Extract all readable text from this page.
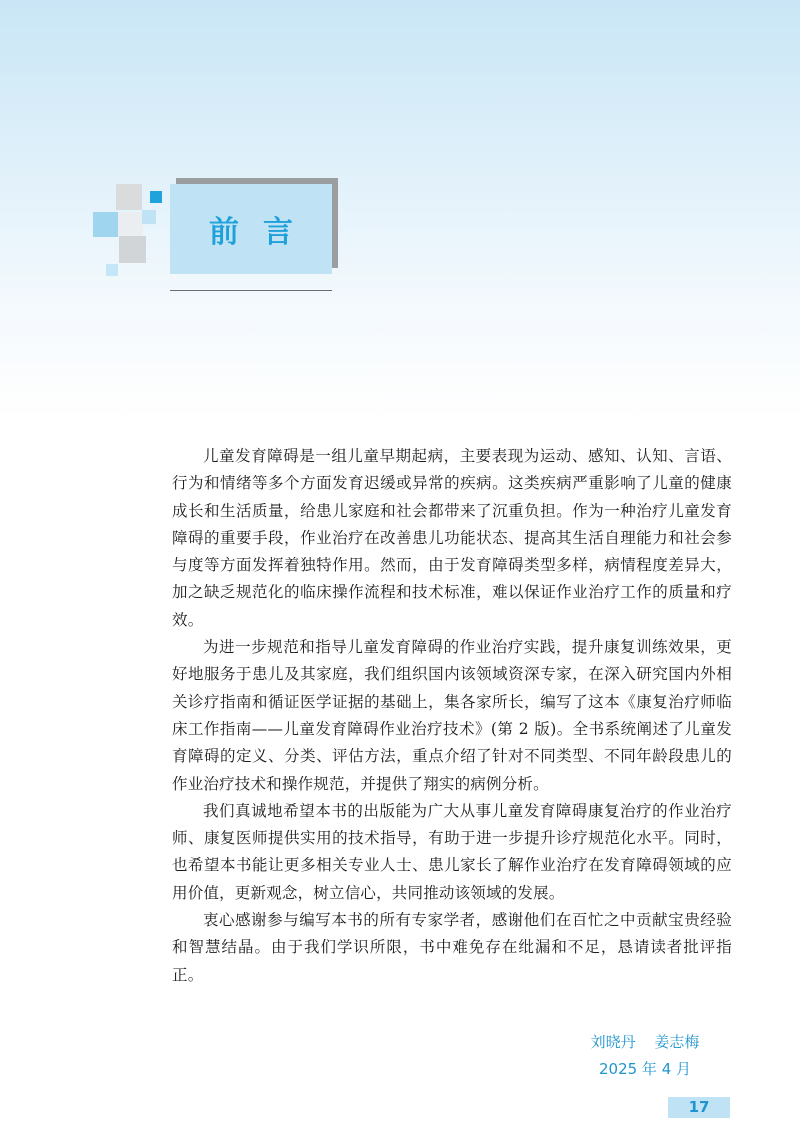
前言

儿童发育障碍是一组儿童早期起病，主要表现为运动、感知、认知、言语、行为和情绪等多个方面发育迟缓或异常的疾病。这类疾病严重影响了儿童的健康成长和生活质量，给患儿家庭和社会都带来了沉重负担。作为一种治疗儿童发育障碍的重要手段，作业治疗在改善患儿功能状态、提高其生活自理能力和社会参与度等方面发挥着独特作用。然而，由于发育障碍类型多样，病情程度差异大，加之缺乏规范化的临床操作流程和技术标准，难以保证作业治疗工作的质量和疗效。

为进一步规范和指导儿童发育障碍的作业治疗实践，提升康复训练效果，更好地服务于患儿及其家庭，我们组织国内该领域资深专家，在深入研究国内外相关诊疗指南和循证医学证据的基础上，集各家所长，编写了这本《康复治疗师临床工作指南——儿童发育障碍作业治疗技术》(第 2 版)。全书系统阐述了儿童发育障碍的定义、分类、评估方法，重点介绍了针对不同类型、不同年龄段患儿的作业治疗技术和操作规范，并提供了翔实的病例分析。

我们真诚地希望本书的出版能为广大从事儿童发育障碍康复治疗的作业治疗师、康复医师提供实用的技术指导，有助于进一步提升诊疗规范化水平。同时，也希望本书能让更多相关专业人士、患儿家长了解作业治疗在发育障碍领域的应用价值，更新观念，树立信心，共同推动该领域的发展。

衷心感谢参与编写本书的所有专家学者，感谢他们在百忙之中贡献宝贵经验和智慧结晶。由于我们学识所限，书中难免存在纰漏和不足，恳请读者批评指正。

刘晓丹 姜志梅
2025 年 4 月
17
